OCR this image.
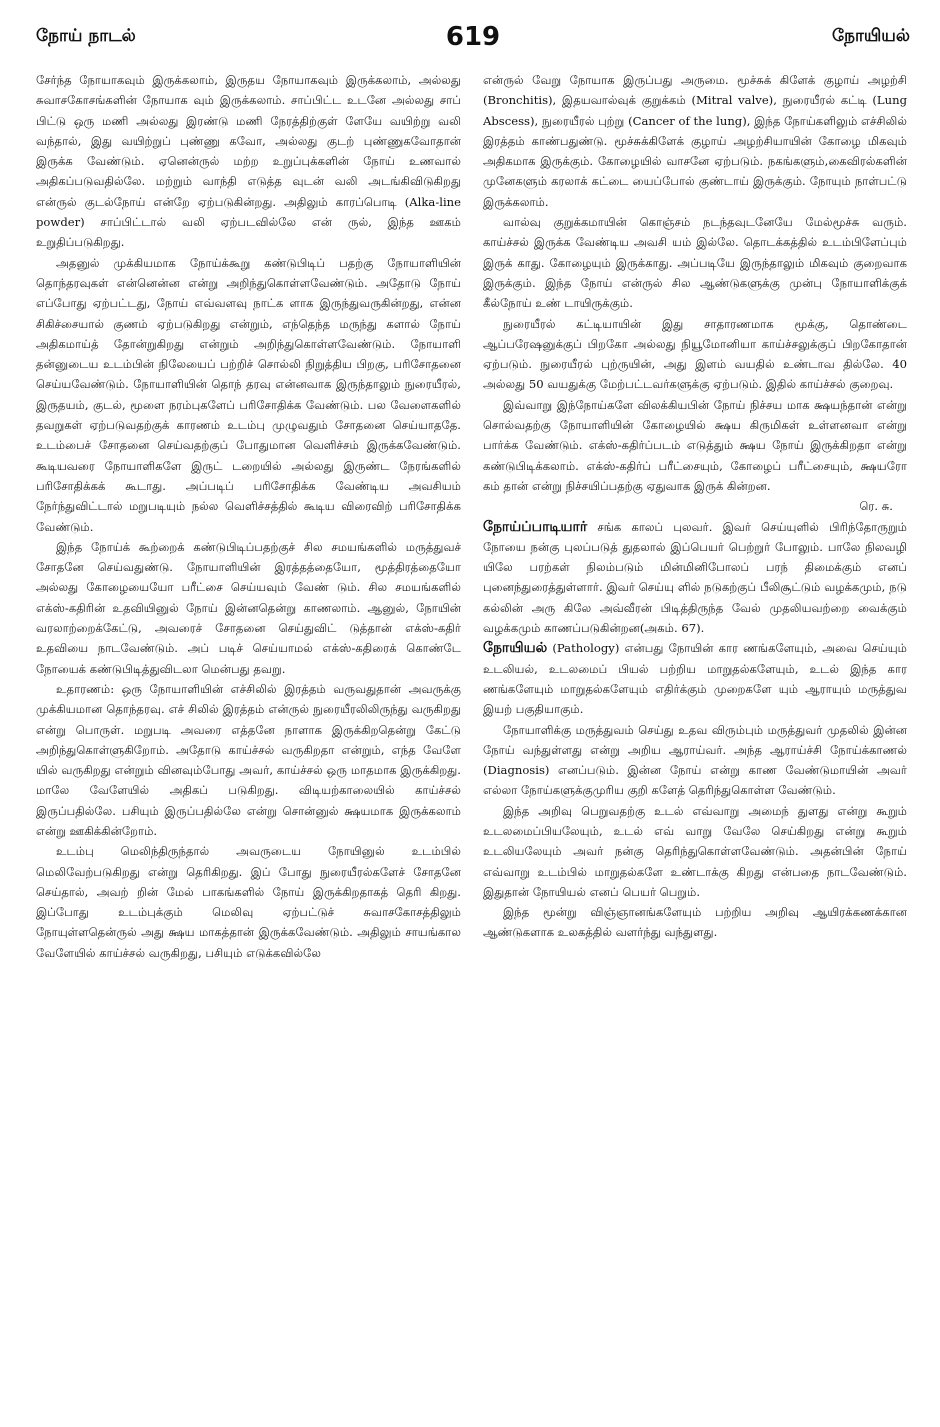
நோய் நாடல்	619	நோயியல்

சேர்ந்த நோயாகவும் இருக்கலாம், இருதய நோயாகவும் இருக்கலாம், அல்லது சுவாசகோசங்களின் நோயாக வும் இருக்கலாம். சாப்பிட்ட உடனே அல்லது சாப் பிட்டு ஒரு மணி அல்லது இரண்டு மணி நேரத்திற்குள் ளேயே வயிற்று வலி வந்தால், இது வயிற்றுப் புண்ணு கவோ, அல்லது குடற் புண்ணுகவோதான் இருக்க வேண்டும். ஏனென்ருல் மற்ற உறுப்புக்களின் நோய் உணவால் அதிகப்படுவதில்லே. மற்றும் வாந்தி எடுத்த வுடன் வலி அடங்கிவிடுகிறது என்ருல் குடல்நோய் என்றே ஏற்படுகின்றது. அதிலும் காரப்பொடி (Alka-line powder) சாப்பிட்டால் வலி ஏற்படவில்லே என் ருல், இந்த ஊகம் உறுதிப்படுகிறது.

அதனுல் முக்கியமாக நோய்க்கூறு கண்டுபிடிப் பதற்கு நோயாளியின் தொந்தரவுகள் என்னென்ன என்று அறிந்துகொள்ளவேண்டும். அதோடு நோய் எப்போது ஏற்பட்டது, நோய் எவ்வளவு நாட்க ளாக இருந்துவருகின்றது, என்ன சிகிச்சையால் குணம் ஏற்படுகிறது என்றும், எந்தெந்த மருந்து களால் நோய் அதிகமாய்த் தோன்றுகிறது என்றும் அறிந்துகொள்ளவேண்டும். நோயாளி தன்னுடைய உடம்பின் நிலேயைப் பற்றிச் சொல்லி நிறுத்திய பிறகு, பரிசோதனை செய்யவேண்டும். நோயாளியின் தொந் தரவு என்னவாக இருந்தாலும் நுரையீரல், இருதயம், குடல், மூளை நரம்புகளேப் பரிசோதிக்க வேண்டும். பல வேளைகளில் தவறுகள் ஏற்படுவதற்குக் காரணம் உடம்பு முழுவதும் சோதனை செய்யாததே. உடம்பைச் சோதனை செய்வதற்குப் போதுமான வெளிச்சம் இருக்கவேண்டும். கூடியவரை நோயாளிகளே இருட் டறையில் அல்லது இருண்ட நேரங்களில் பரிசோதிக்கக் கூடாது. அப்படிப் பரிசோதிக்க வேண்டிய அவசியம் நேர்ந்துவிட்டால் மறுபடியும் நல்ல வெளிச்சத்தில் கூடிய விரைவிற் பரிசோதிக்க வேண்டும்.

இந்த நோய்க் கூற்றைக் கண்டுபிடிப்பதற்குச் சில சமயங்களில் மருத்துவச் சோதனே செய்வதுண்டு. நோயாளியின் இரத்தத்தையோ, மூத்திரத்தையோ அல்லது கோழையையோ பரீட்சை செய்யவும் வேண் டும். சில சமயங்களில் எக்ஸ்-கதிரின் உதவியினுல் நோய் இன்னதென்று காணலாம். ஆனுல், நோயின் வரலாற்றைக்கேட்டு, அவரைச் சோதனை செய்துவிட் டுத்தான் எக்ஸ்-கதிர் உதவியை நாடவேண்டும். அப் படிச் செய்யாமல் எக்ஸ்-கதிரைக் கொண்டே நோயைக் கண்டுபிடித்துவிடலா மென்பது தவறு.

உதாரணம்: ஒரு நோயாளியின் எச்சிலில் இரத்தம் வருவதுதான் அவருக்கு முக்கியமான தொந்தரவு. எச் சிலில் இரத்தம் என்ருல் நுரையீரலிலிருந்து வருகிறது என்று பொருள். மறுபடி அவரை எத்தனே நாளாக இருக்கிறதென்று கேட்டு அறிந்துகொள்ளுகிறோம். அதோடு காய்ச்சல் வருகிறதா என்றும், எந்த வேளே யில் வருகிறது என்றும் வினவும்போது அவர், காய்ச்சல் ஒரு மாதமாக இருக்கிறது. மாலே வேளேயில் அதிகப் படுகிறது. விடியற்காலையில் காய்ச்சல் இருப்பதில்லே. பசியும் இருப்பதில்லே என்று சொன்னுல் க்ஷயமாக இருக்கலாம் என்று ஊகிக்கின்றோம்.

உடம்பு மெலிந்திருந்தால் அவருடைய நோயினுல் உடம்பில் மெலிவேற்படுகிறது என்று தெரிகிறது. இப் போது நுரையீரல்களேச் சோதனே செய்தால், அவற் றின் மேல் பாகங்களில் நோய் இருக்கிறதாகத் தெரி கிறது. இப்போது உடம்புக்கும் மெலிவு ஏற்பட்டுச் சுவாசகோசத்திலும் நோயுள்ளதென்ருல் அது க்ஷய மாகத்தான் இருக்கவேண்டும். அதிலும் சாயங்கால வேளேயில் காய்ச்சல் வருகிறது, பசியும் எடுக்கவில்லே

என்ருல் வேறு நோயாக இருப்பது அருமை. மூச்சுக் கிளேக் குழாய் அழற்சி (Bronchitis), இதயவால்வுக் குறுக்கம் (Mitral valve), நுரையீரல் கட்டி (Lung Abscess), நுரையீரல் புற்று (Cancer of the lung), இந்த நோய்களிலும் எச்சிலில் இரத்தம் காண்பதுண்டு. மூச்சுக்கிளேக் குழாய் அழற்சியாயின் கோழை மிகவும் அதிகமாக இருக்கும். கோழையில் வாசனே ஏற்படும். நகங்களும்,கைவிரல்களின் முனேகளும் கரலாக் கட்டை யைப்போல் குண்டாய் இருக்கும். நோயும் நாள்பட்டு இருக்கலாம்.

வால்வு குறுக்கமாயின் கொஞ்சம் நடந்தவுடனேயே மேல்மூச்சு வரும். காய்ச்சல் இருக்க வேண்டிய அவசி யம் இல்லே. தொடக்கத்தில் உடம்பிளேப்பும் இருக் காது. கோழையும் இருக்காது. அப்படியே இருந்தாலும் மிகவும் குறைவாக இருக்கும். இந்த நோய் என்ருல் சில ஆண்டுகளுக்கு முன்பு நோயாளிக்குக் கீல்நோய் உண் டாயிருக்கும்.

நுரையீரல் கட்டியாயின் இது சாதாரணமாக மூக்கு, தொண்டை ஆப்பரேஷனுக்குப் பிறகோ அல்லது நியூமோனியா காய்ச்சலுக்குப் பிறகோதான் ஏற்படும். நுரையீரல் புற்ருயின், அது இளம் வயதில் உண்டாவ தில்லே. 40 அல்லது 50 வயதுக்கு மேற்பட்டவர்களுக்கு ஏற்படும். இதில் காய்ச்சல் குறைவு.

இவ்வாறு இந்நோய்களே விலக்கியபின் நோய் நிச்சய மாக க்ஷயந்தான் என்று சொல்வதற்கு நோயாளியின் கோழையில் க்ஷய கிருமிகள் உள்ளனவா என்று பார்க்க வேண்டும். எக்ஸ்-கதிர்ப்படம் எடுத்தும் க்ஷய நோய் இருக்கிறதா என்று கண்டுபிடிக்கலாம். எக்ஸ்-கதிர்ப் பரீட்சையும், கோழைப் பரீட்சையும், க்ஷயரோ கம் தான் என்று நிச்சயிப்பதற்கு ஏதுவாக இருக் கின்றன.

ரெ. சு.

நோய்ப்பாடியார் சங்க காலப் புலவர். இவர் செய்யுளில் பிரிந்தோருறும் நோயை நன்கு புலப்படுத் துதலால் இப்பெயர் பெற்றுர் போலும். பாலே நிலவழி யிலே பரற்கள் நிலம்படும் மின்மினிபோலப் பரந் திமைக்கும் எனப் புனைந்துரைத்துள்ளார். இவர் செய்யு ளில் நடுகற்குப் பீலிசூட்டும் வழக்கமும், நடு கல்லின் அரு கிலே அவ்வீரன் பிடித்திருந்த வேல் முதலியவற்றை வைக்கும் வழக்கமும் காணப்படுகின்றன(அகம். 67).

நோயியல் (Pathology) என்பது நோயின் கார ணங்களேயும், அவை செய்யும் உடலியல், உடலமைப் பியல் பற்றிய மாறுதல்களேயும், உடல் இந்த கார ணங்களேயும் மாறுதல்களேயும் எதிர்க்கும் முறைகளே யும் ஆராயும் மருத்துவ இயற் பகுதியாகும்.

நோயாளிக்கு மருத்துவம் செய்து உதவ விரும்பும் மருத்துவர் முதலில் இன்ன நோய் வந்துள்ளது என்று அறிய ஆராய்வர். அந்த ஆராய்ச்சி நோய்க்காணல் (Diagnosis) எனப்படும். இன்ன நோய் என்று காண வேண்டுமாயின் அவர் எல்லா நோய்களுக்குமுரிய குறி களேத் தெரிந்துகொள்ள வேண்டும்.

இந்த அறிவு பெறுவதற்கு உடல் எவ்வாறு அமைந் துளது என்று கூறும் உடலமைப்பியலேயும், உடல் எவ் வாறு வேலே செய்கிறது என்று கூறும் உடலியலேயும் அவர் நன்கு தெரிந்துகொள்ளவேண்டும். அதன்பின் நோய் எவ்வாறு உடம்பில் மாறுதல்களே உண்டாக்கு கிறது என்பதை நாடவேண்டும். இதுதான் நோயியல் எனப் பெயர் பெறும்.

இந்த மூன்று விஞ்ஞானங்களேயும் பற்றிய அறிவு ஆயிரக்கணக்கான ஆண்டுகளாக உலகத்தில் வளர்ந்து வந்துளது.
